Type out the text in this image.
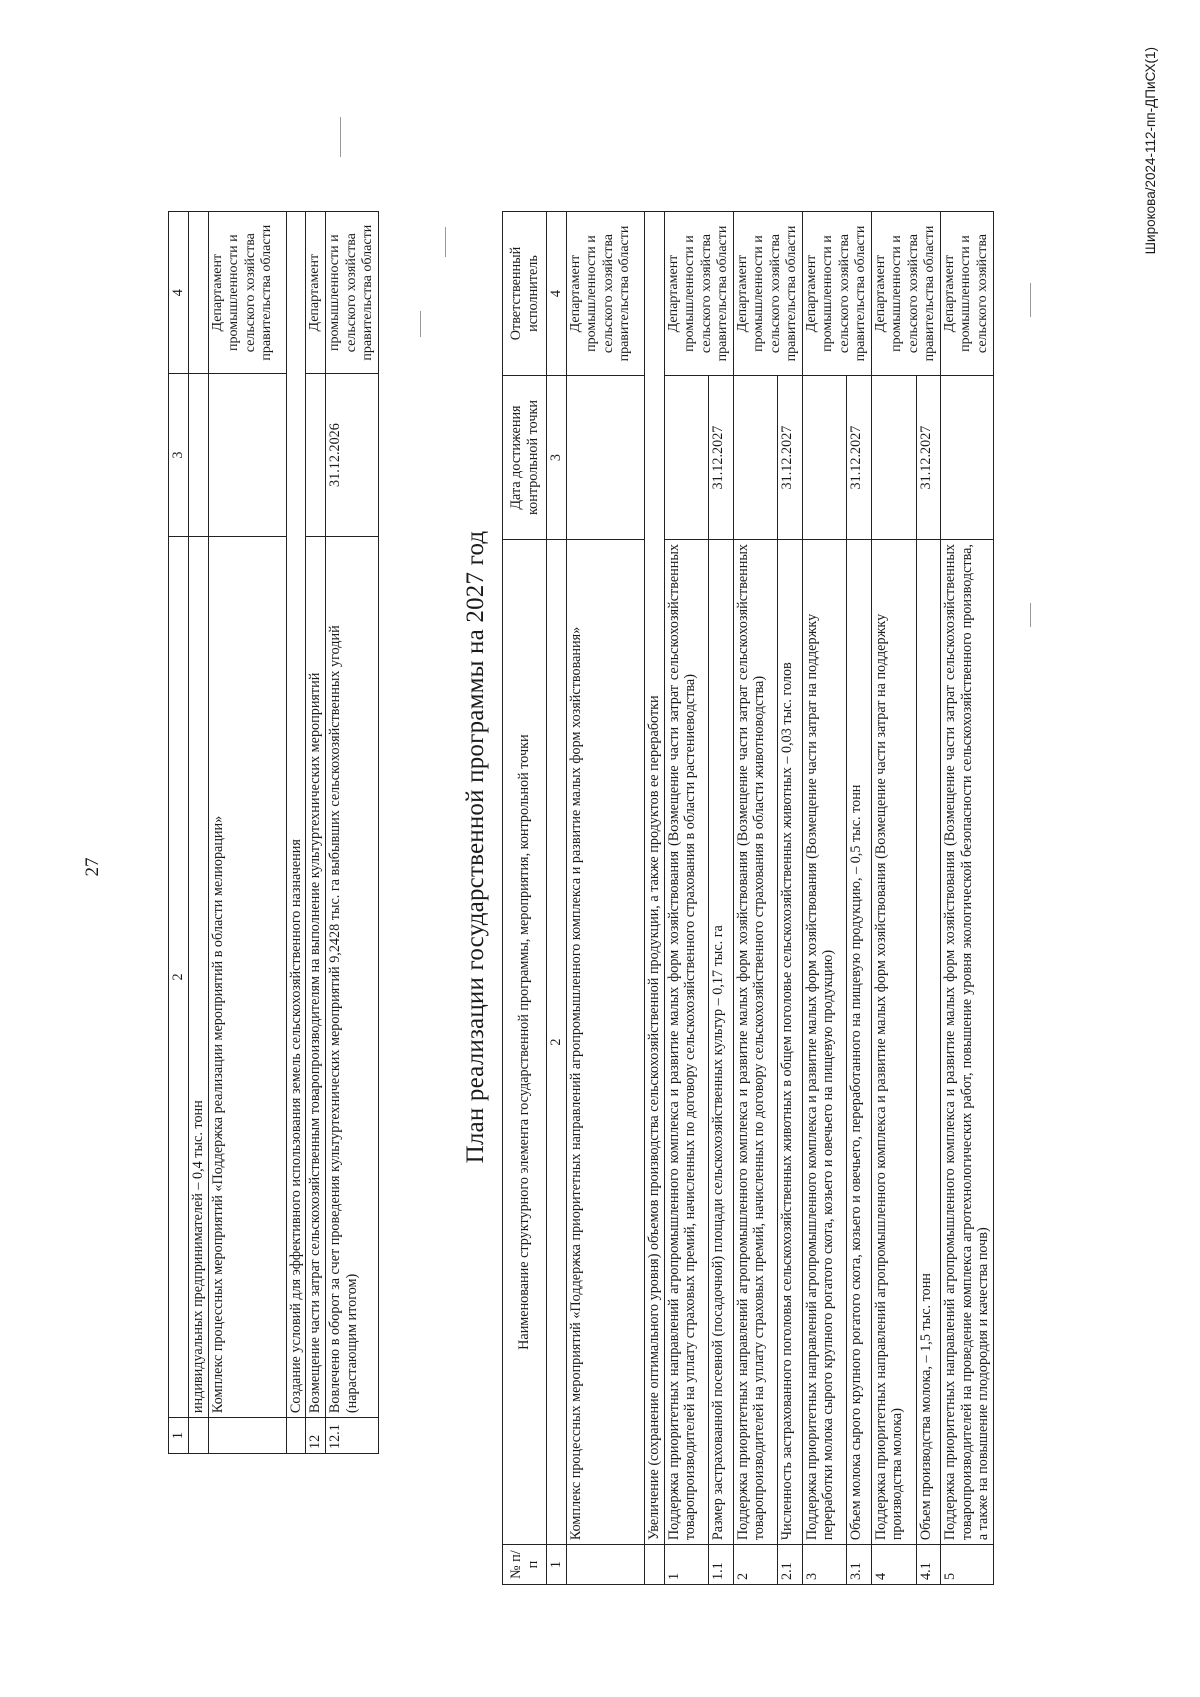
27
1	2	3	4
	индивидуальных предпринимателей – 0,4 тыс. тонн		
	Комплекс процессных мероприятий «Поддержка реализации мероприятий в области мелиорации»		Департамент промышленности и сельского хозяйства правительства области
	Создание условий для эффективного использования земель сельскохозяйственного назначения		
12	Возмещение части затрат сельскохозяйственным товаропроизводителям на выполнение культуртехнических мероприятий		Департамент
12.1	Вовлечено в оборот за счет проведения культуртехнических мероприятий 9,2428 тыс. га выбывших сельскохозяйственных угодий (нарастающим итогом)	31.12.2026	промышленности и сельского хозяйства правительства области
План реализации государственной программы на 2027 год
№ п/п	Наименование структурного элемента государственной программы, мероприятия, контрольной точки	Дата достижения контрольной точки	Ответственный исполнитель
1	2	3	4
	Комплекс процессных мероприятий «Поддержка приоритетных направлений агропромышленного комплекса и развитие малых форм хозяйствования»		Департамент промышленности и сельского хозяйства правительства области
	Увеличение (сохранение оптимального уровня) объемов производства сельскохозяйственной продукции, а также продуктов ее переработки		
1	Поддержка приоритетных направлений агропромышленного комплекса и развитие малых форм хозяйствования (Возмещение части затрат сельскохозяйственных товаропроизводителей на уплату страховых премий, начисленных по договору сельскохозяйственного страхования в области растениеводства)		Департамент промышленности и сельского хозяйства правительства области
1.1	Размер застрахованной посевной (посадочной) площади сельскохозяйственных культур – 0,17 тыс. га	31.12.2027	
2	Поддержка приоритетных направлений агропромышленного комплекса и развитие малых форм хозяйствования (Возмещение части затрат сельскохозяйственных товаропроизводителей на уплату страховых премий, начисленных по договору сельскохозяйственного страхования в области животноводства)		Департамент промышленности и сельского хозяйства правительства области
2.1	Численность застрахованного поголовья сельскохозяйственных животных в общем поголовье сельскохозяйственных животных – 0,03 тыс. голов	31.12.2027	
3	Поддержка приоритетных направлений агропромышленного комплекса и развитие малых форм хозяйствования (Возмещение части затрат на поддержку переработки молока сырого крупного рогатого скота, козьего и овечьего на пищевую продукцию)		Департамент промышленности и сельского хозяйства правительства области
3.1	Объем молока сырого крупного рогатого скота, козьего и овечьего, переработанного на пищевую продукцию, – 0,5 тыс. тонн	31.12.2027	
4	Поддержка приоритетных направлений агропромышленного комплекса и развитие малых форм хозяйствования (Возмещение части затрат на поддержку производства молока)		Департамент промышленности и сельского хозяйства правительства области
4.1	Объем производства молока, – 1,5 тыс. тонн	31.12.2027	
5	Поддержка приоритетных направлений агропромышленного комплекса и развитие малых форм хозяйствования (Возмещение части затрат сельскохозяйственных товаропроизводителей на проведение комплекса агротехнологических работ, повышение уровня экологической безопасности сельскохозяйственного производства, а также на повышение плодородия и качества почв)		Департамент промышленности и сельского хозяйства
Широкова/2024-112-пп-ДПиСХ(1)
